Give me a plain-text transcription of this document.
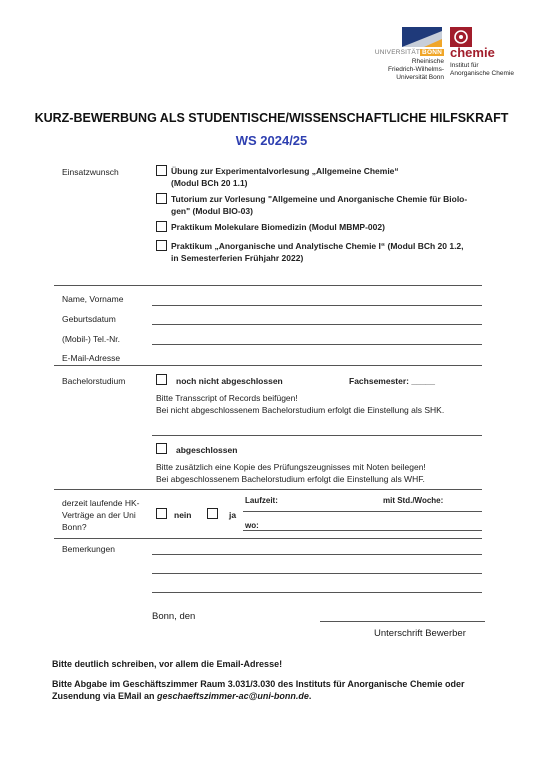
UNIVERSITÄT BONN
Rheinische
Friedrich-Wilhelms-
Universität Bonn
chemie
Institut für
Anorganische Chemie
KURZ-BEWERBUNG ALS STUDENTISCHE/WISSENSCHAFTLICHE HILFSKRAFT
WS 2024/25
Einsatzwunsch	Übung zur Experimentalvorlesung „Allgemeine Chemie“
(Modul BCh 20 1.1)
Tutorium zur Vorlesung "Allgemeine und Anorganische Chemie für Biolo-
gen" (Modul BIO-03)
Praktikum Molekulare Biomedizin (Modul MBMP-002)
Praktikum „Anorganische und Analytische Chemie I“ (Modul BCh 20 1.2,
in Semesterferien Frühjahr 2022)
Name, Vorname
Geburtsdatum
(Mobil-) Tel.-Nr.
E-Mail-Adresse
Bachelorstudium	noch nicht abgeschlossen	Fachsemester: _____
Bitte Transscript of Records beifügen!
Bei nicht abgeschlossenem Bachelorstudium erfolgt die Einstellung als SHK.
abgeschlossen
Bitte zusätzlich eine Kopie des Prüfungszeugnisses mit Noten beilegen!
Bei abgeschlossenem Bachelorstudium erfolgt die Einstellung als WHF.
derzeit laufende HK-
Verträge an der Uni
Bonn?
nein	ja
Laufzeit:	mit Std./Woche:
wo:
Bemerkungen
Bonn, den
Unterschrift Bewerber
Bitte deutlich schreiben, vor allem die Email-Adresse!
Bitte Abgabe im Geschäftszimmer Raum 3.031/3.030 des Instituts für Anorganische Chemie oder
Zusendung via EMail an geschaeftszimmer-ac@uni-bonn.de.
